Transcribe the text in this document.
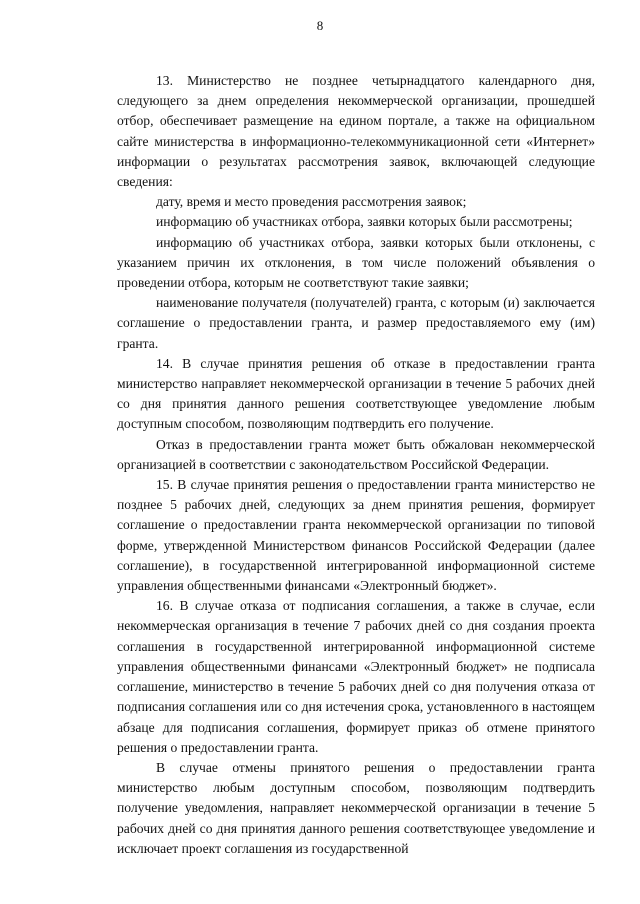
8

13. Министерство не позднее четырнадцатого календарного дня, следующего за днем определения некоммерческой организации, прошедшей отбор, обеспечивает размещение на едином портале, а также на официальном сайте министерства в информационно-телекоммуникационной сети «Интернет» информации о результатах рассмотрения заявок, включающей следующие сведения:

дату, время и место проведения рассмотрения заявок;

информацию об участниках отбора, заявки которых были рассмотрены;

информацию об участниках отбора, заявки которых были отклонены, с указанием причин их отклонения, в том числе положений объявления о проведении отбора, которым не соответствуют такие заявки;

наименование получателя (получателей) гранта, с которым (и) заключается соглашение о предоставлении гранта, и размер предоставляемого ему (им) гранта.

14. В случае принятия решения об отказе в предоставлении гранта министерство направляет некоммерческой организации в течение 5 рабочих дней со дня принятия данного решения соответствующее уведомление любым доступным способом, позволяющим подтвердить его получение.

Отказ в предоставлении гранта может быть обжалован некоммерческой организацией в соответствии с законодательством Российской Федерации.

15. В случае принятия решения о предоставлении гранта министерство не позднее 5 рабочих дней, следующих за днем принятия решения, формирует соглашение о предоставлении гранта некоммерческой организации по типовой форме, утвержденной Министерством финансов Российской Федерации (далее соглашение), в государственной интегрированной информационной системе управления общественными финансами «Электронный бюджет».

16. В случае отказа от подписания соглашения, а также в случае, если некоммерческая организация в течение 7 рабочих дней со дня создания проекта соглашения в государственной интегрированной информационной системе управления общественными финансами «Электронный бюджет» не подписала соглашение, министерство в течение 5 рабочих дней со дня получения отказа от подписания соглашения или со дня истечения срока, установленного в настоящем абзаце для подписания соглашения, формирует приказ об отмене принятого решения о предоставлении гранта.

В случае отмены принятого решения о предоставлении гранта министерство любым доступным способом, позволяющим подтвердить получение уведомления, направляет некоммерческой организации в течение 5 рабочих дней со дня принятия данного решения соответствующее уведомление и исключает проект соглашения из государственной
